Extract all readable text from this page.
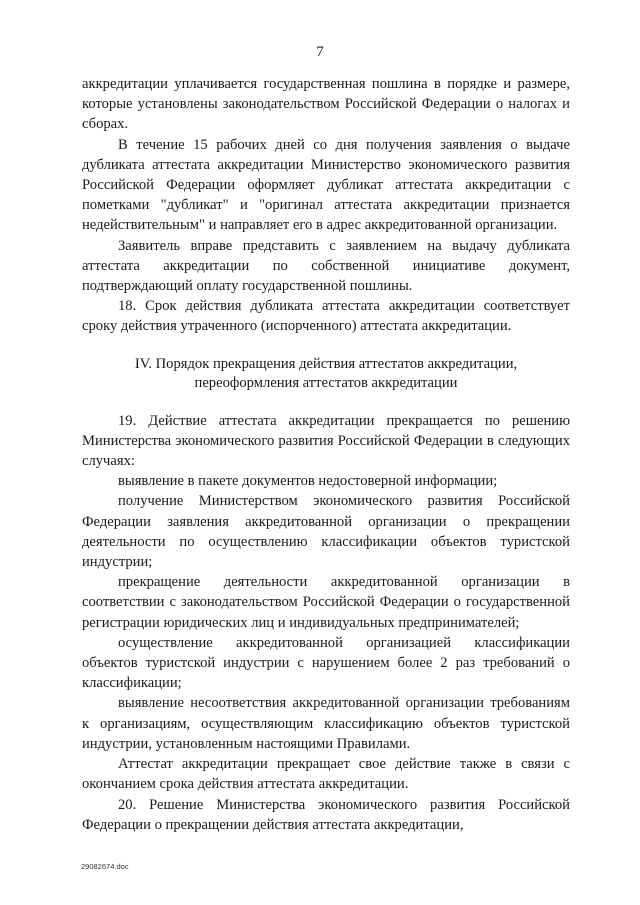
7

аккредитации уплачивается государственная пошлина в порядке и размере, которые установлены законодательством Российской Федерации о налогах и сборах.

В течение 15 рабочих дней со дня получения заявления о выдаче дубликата аттестата аккредитации Министерство экономического развития Российской Федерации оформляет дубликат аттестата аккредитации с пометками "дубликат" и "оригинал аттестата аккредитации признается недействительным" и направляет его в адрес аккредитованной организации.

Заявитель вправе представить с заявлением на выдачу дубликата аттестата аккредитации по собственной инициативе документ, подтверждающий оплату государственной пошлины.

18. Срок действия дубликата аттестата аккредитации соответствует сроку действия утраченного (испорченного) аттестата аккредитации.

IV. Порядок прекращения действия аттестатов аккредитации,
переоформления аттестатов аккредитации

19. Действие аттестата аккредитации прекращается по решению Министерства экономического развития Российской Федерации в следующих случаях:

выявление в пакете документов недостоверной информации;

получение Министерством экономического развития Российской Федерации заявления аккредитованной организации о прекращении деятельности по осуществлению классификации объектов туристской индустрии;

прекращение деятельности аккредитованной организации в соответствии с законодательством Российской Федерации о государственной регистрации юридических лиц и индивидуальных предпринимателей;

осуществление аккредитованной организацией классификации объектов туристской индустрии с нарушением более 2 раз требований о классификации;

выявление несоответствия аккредитованной организации требованиям к организациям, осуществляющим классификацию объектов туристской индустрии, установленным настоящими Правилами.

Аттестат аккредитации прекращает свое действие также в связи с окончанием срока действия аттестата аккредитации.

20. Решение Министерства экономического развития Российской Федерации о прекращении действия аттестата аккредитации,

29082674.doc
